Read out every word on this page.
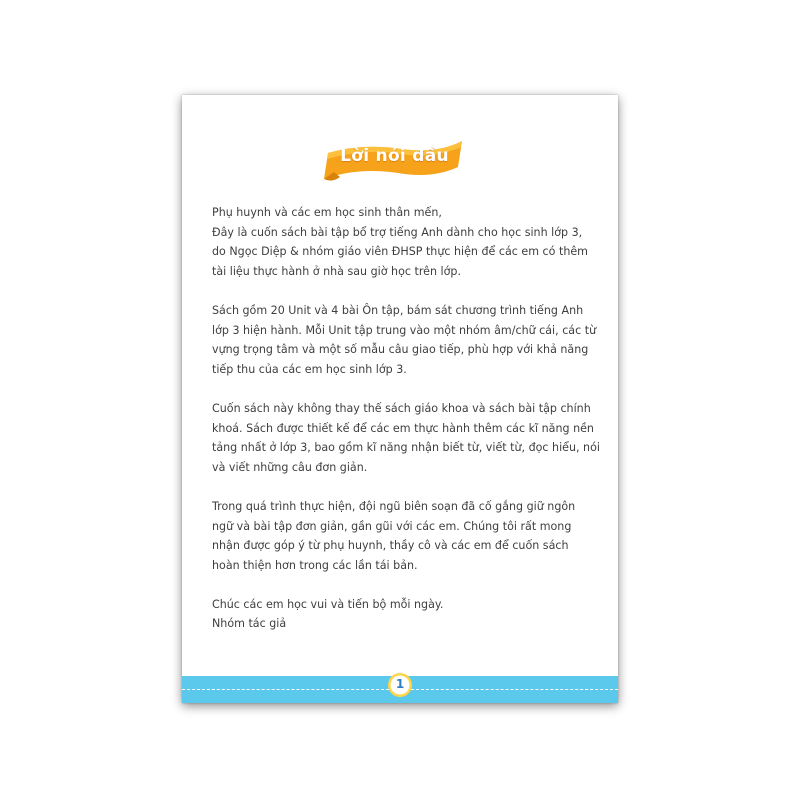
Lời nói đầu

Phụ huynh và các em học sinh thân mến,
Đây là cuốn sách bài tập bổ trợ tiếng Anh dành cho học sinh lớp 3,
do Ngọc Diệp & nhóm giáo viên ĐHSP thực hiện để các em có thêm
tài liệu thực hành ở nhà sau giờ học trên lớp.

Sách gồm 20 Unit và 4 bài Ôn tập, bám sát chương trình tiếng Anh
lớp 3 hiện hành. Mỗi Unit tập trung vào một nhóm âm/chữ cái, các từ
vựng trọng tâm và một số mẫu câu giao tiếp, phù hợp với khả năng
tiếp thu của các em học sinh lớp 3.

Cuốn sách này không thay thế sách giáo khoa và sách bài tập chính
khoá. Sách được thiết kế để các em thực hành thêm các kĩ năng nền
tảng nhất ở lớp 3, bao gồm kĩ năng nhận biết từ, viết từ, đọc hiểu, nói
và viết những câu đơn giản.

Trong quá trình thực hiện, đội ngũ biên soạn đã cố gắng giữ ngôn
ngữ và bài tập đơn giản, gần gũi với các em. Chúng tôi rất mong
nhận được góp ý từ phụ huynh, thầy cô và các em để cuốn sách
hoàn thiện hơn trong các lần tái bản.

Chúc các em học vui và tiến bộ mỗi ngày.
Nhóm tác giả

1
